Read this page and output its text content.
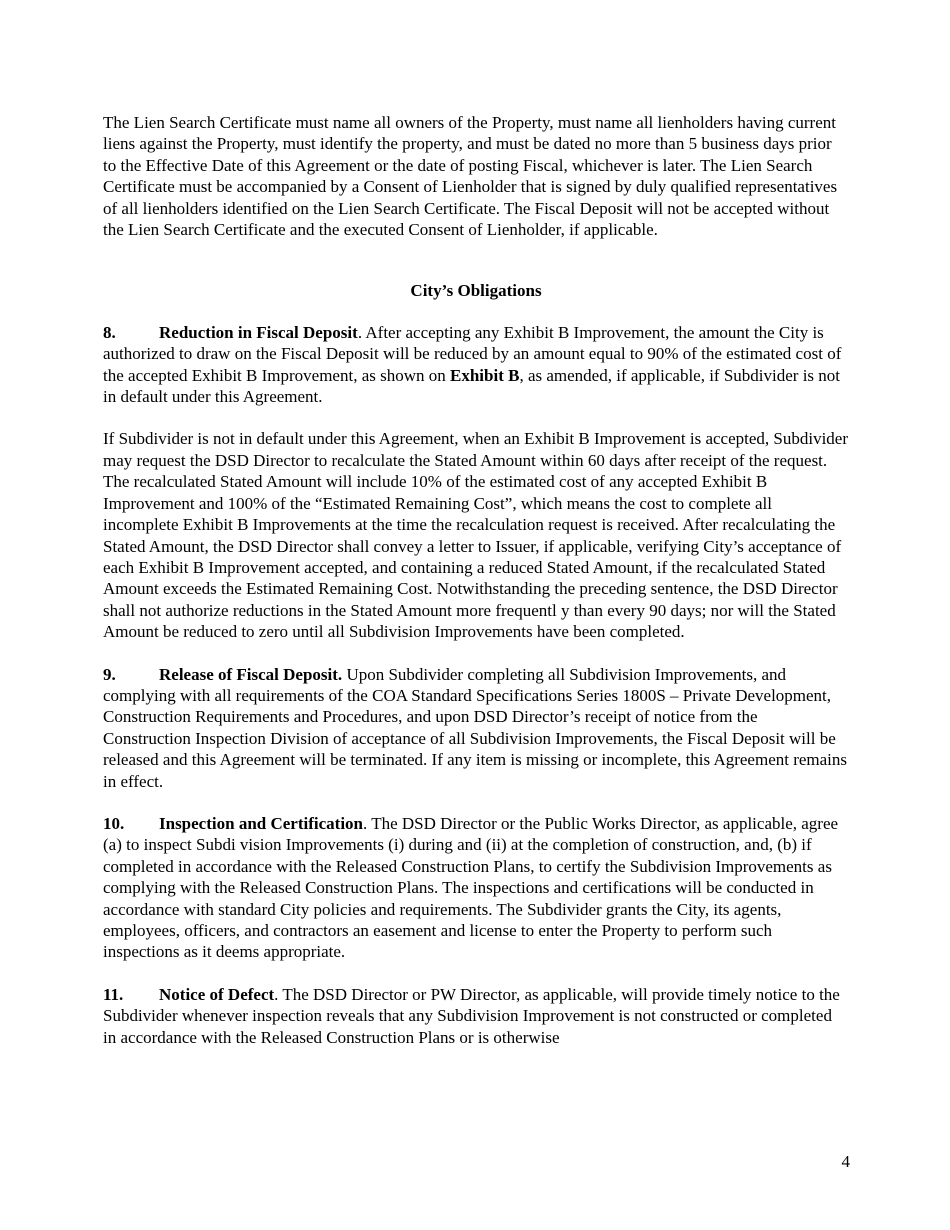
The Lien Search Certificate must name all owners of the Property, must name all lienholders having current liens against the Property, must identify the property, and must be dated no more than 5 business days prior to the Effective Date of this Agreement or the date of posting Fiscal, whichever is later. The Lien Search Certificate must be accompanied by a Consent of Lienholder that is signed by duly qualified representatives of all lienholders identified on the Lien Search Certificate. The Fiscal Deposit will not be accepted without the Lien Search Certificate and the executed Consent of Lienholder, if applicable.

City’s Obligations

8.	Reduction in Fiscal Deposit. After accepting any Exhibit B Improvement, the amount the City is authorized to draw on the Fiscal Deposit will be reduced by an amount equal to 90% of the estimated cost of the accepted Exhibit B Improvement, as shown on Exhibit B, as amended, if applicable, if Subdivider is not in default under this Agreement.

If Subdivider is not in default under this Agreement, when an Exhibit B Improvement is accepted, Subdivider may request the DSD Director to recalculate the Stated Amount within 60 days after receipt of the request. The recalculated Stated Amount will include 10% of the estimated cost of any accepted Exhibit B Improvement and 100% of the “Estimated Remaining Cost”, which means the cost to complete all incomplete Exhibit B Improvements at the time the recalculation request is received. After recalculating the Stated Amount, the DSD Director shall convey a letter to Issuer, if applicable, verifying City’s acceptance of each Exhibit B Improvement accepted, and containing a reduced Stated Amount, if the recalculated Stated Amount exceeds the Estimated Remaining Cost. Notwithstanding the preceding sentence, the DSD Director shall not authorize reductions in the Stated Amount more frequentl y than every 90 days; nor will the Stated Amount be reduced to zero until all Subdivision Improvements have been completed.

9.	Release of Fiscal Deposit. Upon Subdivider completing all Subdivision Improvements, and complying with all requirements of the COA Standard Specifications Series 1800S – Private Development, Construction Requirements and Procedures, and upon DSD Director’s receipt of notice from the Construction Inspection Division of acceptance of all Subdivision Improvements, the Fiscal Deposit will be released and this Agreement will be terminated. If any item is missing or incomplete, this Agreement remains in effect.

10. Inspection and Certification. The DSD Director or the Public Works Director, as applicable, agree (a) to inspect Subdi vision Improvements (i) during and (ii) at the completion of construction, and, (b) if completed in accordance with the Released Construction Plans, to certify the Subdivision Improvements as complying with the Released Construction Plans. The inspections and certifications will be conducted in accordance with standard City policies and requirements. The Subdivider grants the City, its agents, employees, officers, and contractors an easement and license to enter the Property to perform such inspections as it deems appropriate.

11. Notice of Defect. The DSD Director or PW Director, as applicable, will provide timely notice to the Subdivider whenever inspection reveals that any Subdivision Improvement is not constructed or completed in accordance with the Released Construction Plans or is otherwise

4
